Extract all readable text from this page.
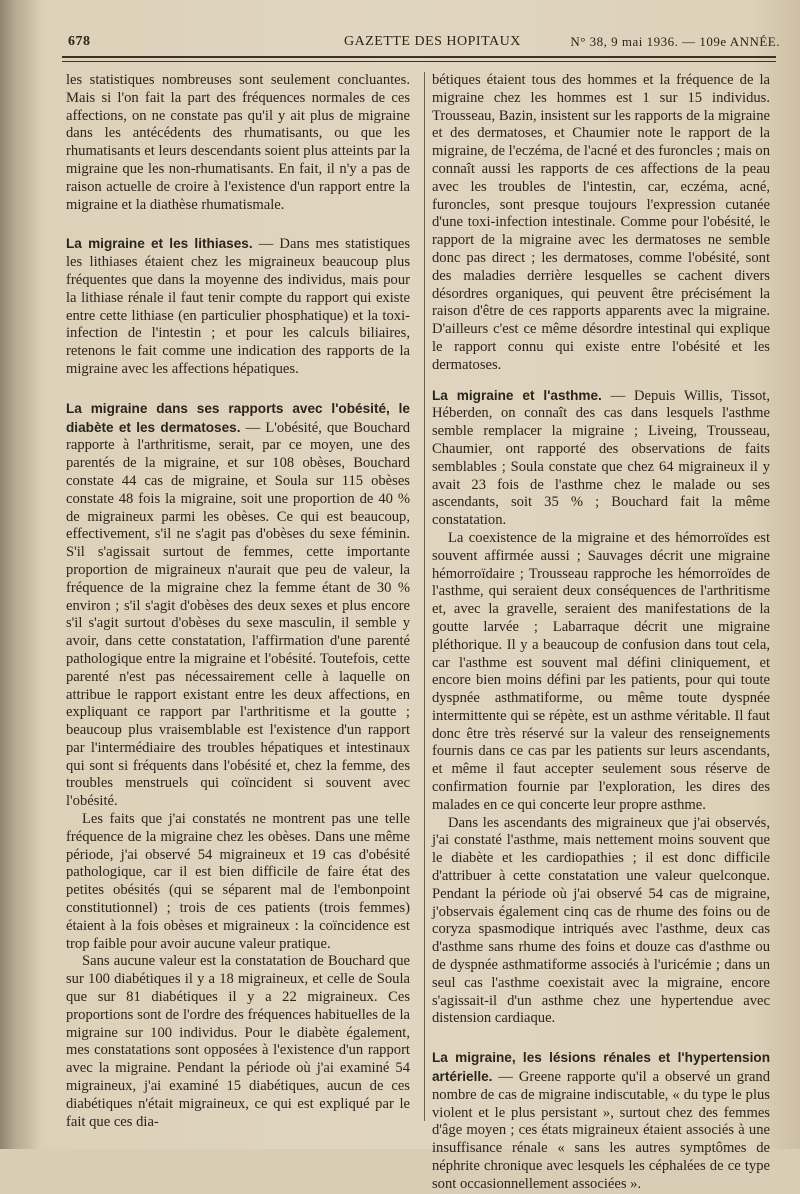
678	GAZETTE DES HOPITAUX	N° 38, 9 mai 1936. — 109e ANNÉE.

les statistiques nombreuses sont seulement concluantes. Mais si l'on fait la part des fréquences normales de ces affections, on ne constate pas qu'il y ait plus de migraine dans les antécédents des rhumatisants, ou que les rhumatisants et leurs descendants soient plus atteints par la migraine que les non-rhumatisants. En fait, il n'y a pas de raison actuelle de croire à l'existence d'un rapport entre la migraine et la diathèse rhumatismale.

La migraine et les lithiases. — Dans mes statistiques les lithiases étaient chez les migraineux beaucoup plus fréquentes que dans la moyenne des individus, mais pour la lithiase rénale il faut tenir compte du rapport qui existe entre cette lithiase (en particulier phosphatique) et la toxi-infection de l'intestin ; et pour les calculs biliaires, retenons le fait comme une indication des rapports de la migraine avec les affections hépatiques.

La migraine dans ses rapports avec l'obésité, le diabète et les dermatoses. — L'obésité, que Bouchard rapporte à l'arthritisme, serait, par ce moyen, une des parentés de la migraine, et sur 108 obèses, Bouchard constate 44 cas de migraine, et Soula sur 115 obèses constate 48 fois la migraine, soit une proportion de 40 % de migraineux parmi les obèses. Ce qui est beaucoup, effectivement, s'il ne s'agit pas d'obèses du sexe féminin. S'il s'agissait surtout de femmes, cette importante proportion de migraineux n'aurait que peu de valeur, la fréquence de la migraine chez la femme étant de 30 % environ ; s'il s'agit d'obèses des deux sexes et plus encore s'il s'agit surtout d'obèses du sexe masculin, il semble y avoir, dans cette constatation, l'affirmation d'une parenté pathologique entre la migraine et l'obésité. Toutefois, cette parenté n'est pas nécessairement celle à laquelle on attribue le rapport existant entre les deux affections, en expliquant ce rapport par l'arthritisme et la goutte ; beaucoup plus vraisemblable est l'existence d'un rapport par l'intermédiaire des troubles hépatiques et intestinaux qui sont si fréquents dans l'obésité et, chez la femme, des troubles menstruels qui coïncident si souvent avec l'obésité.

Les faits que j'ai constatés ne montrent pas une telle fréquence de la migraine chez les obèses. Dans une même période, j'ai observé 54 migraineux et 19 cas d'obésité pathologique, car il est bien difficile de faire état des petites obésités (qui se séparent mal de l'embonpoint constitutionnel) ; trois de ces patients (trois femmes) étaient à la fois obèses et migraineux : la coïncidence est trop faible pour avoir aucune valeur pratique.

Sans aucune valeur est la constatation de Bouchard que sur 100 diabétiques il y a 18 migraineux, et celle de Soula que sur 81 diabétiques il y a 22 migraineux. Ces proportions sont de l'ordre des fréquences habituelles de la migraine sur 100 individus. Pour le diabète également, mes constatations sont opposées à l'existence d'un rapport avec la migraine. Pendant la période où j'ai examiné 54 migraineux, j'ai examiné 15 diabétiques, aucun de ces diabétiques n'était migraineux, ce qui est expliqué par le fait que ces dia-

bétiques étaient tous des hommes et la fréquence de la migraine chez les hommes est 1 sur 15 individus. Trousseau, Bazin, insistent sur les rapports de la migraine et des dermatoses, et Chaumier note le rapport de la migraine, de l'eczéma, de l'acné et des furoncles ; mais on connaît aussi les rapports de ces affections de la peau avec les troubles de l'intestin, car, eczéma, acné, furoncles, sont presque toujours l'expression cutanée d'une toxi-infection intestinale. Comme pour l'obésité, le rapport de la migraine avec les dermatoses ne semble donc pas direct ; les dermatoses, comme l'obésité, sont des maladies derrière lesquelles se cachent divers désordres organiques, qui peuvent être précisément la raison d'être de ces rapports apparents avec la migraine. D'ailleurs c'est ce même désordre intestinal qui explique le rapport connu qui existe entre l'obésité et les dermatoses.

La migraine et l'asthme. — Depuis Willis, Tissot, Héberden, on connaît des cas dans lesquels l'asthme semble remplacer la migraine ; Liveing, Trousseau, Chaumier, ont rapporté des observations de faits semblables ; Soula constate que chez 64 migraineux il y avait 23 fois de l'asthme chez le malade ou ses ascendants, soit 35 % ; Bouchard fait la même constatation.

La coexistence de la migraine et des hémorroïdes est souvent affirmée aussi ; Sauvages décrit une migraine hémorroïdaire ; Trousseau rapproche les hémorroïdes de l'asthme, qui seraient deux conséquences de l'arthritisme et, avec la gravelle, seraient des manifestations de la goutte larvée ; Labarraque décrit une migraine pléthorique. Il y a beaucoup de confusion dans tout cela, car l'asthme est souvent mal défini cliniquement, et encore bien moins défini par les patients, pour qui toute dyspnée asthmatiforme, ou même toute dyspnée intermittente qui se répète, est un asthme véritable. Il faut donc être très réservé sur la valeur des renseignements fournis dans ce cas par les patients sur leurs ascendants, et même il faut accepter seulement sous réserve de confirmation fournie par l'exploration, les dires des malades en ce qui concerte leur propre asthme.

Dans les ascendants des migraineux que j'ai observés, j'ai constaté l'asthme, mais nettement moins souvent que le diabète et les cardiopathies ; il est donc difficile d'attribuer à cette constatation une valeur quelconque. Pendant la période où j'ai observé 54 cas de migraine, j'observais également cinq cas de rhume des foins ou de coryza spasmodique intriqués avec l'asthme, deux cas d'asthme sans rhume des foins et douze cas d'asthme ou de dyspnée asthmatiforme associés à l'uricémie ; dans un seul cas l'asthme coexistait avec la migraine, encore s'agissait-il d'un asthme chez une hypertendue avec distension cardiaque.

La migraine, les lésions rénales et l'hypertension artérielle. — Greene rapporte qu'il a observé un grand nombre de cas de migraine indiscutable, « du type le plus violent et le plus persistant », surtout chez des femmes d'âge moyen ; ces états migraineux étaient associés à une insuffisance rénale « sans les autres symptômes de néphrite chronique avec lesquels les céphalées de ce type sont occasionnellement associées ».
